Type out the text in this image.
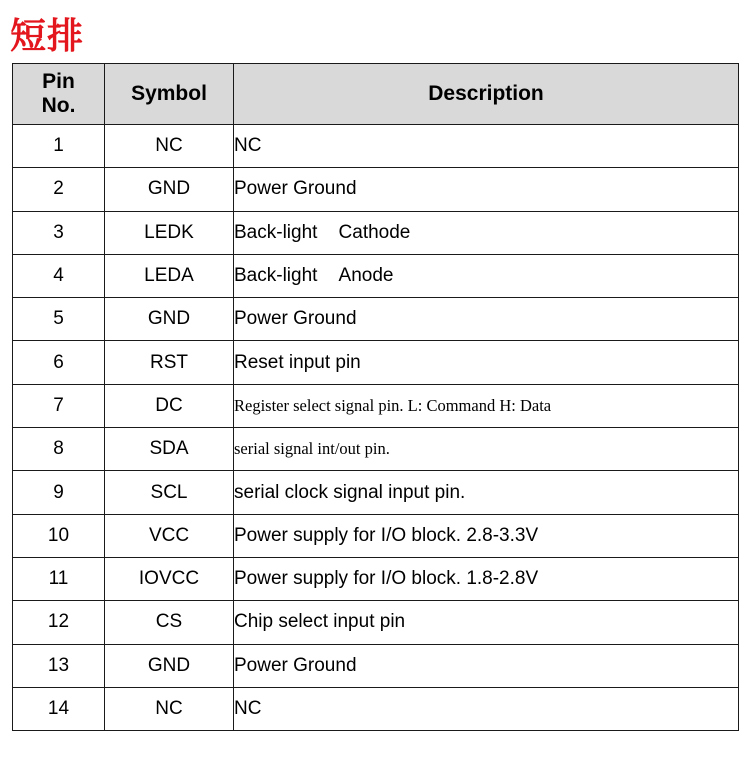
短排
Pin
No.	Symbol	Description
1	NC	NC
2	GND	Power Ground
3	LEDK	Back-light    Cathode
4	LEDA	Back-light    Anode
5	GND	Power Ground
6	RST	Reset input pin
7	DC	Register select signal pin. L: Command H: Data
8	SDA	serial signal int/out pin.
9	SCL	serial clock signal input pin.
10	VCC	Power supply for I/O block. 2.8-3.3V
11	IOVCC	Power supply for I/O block. 1.8-2.8V
12	CS	Chip select input pin
13	GND	Power Ground
14	NC	NC
